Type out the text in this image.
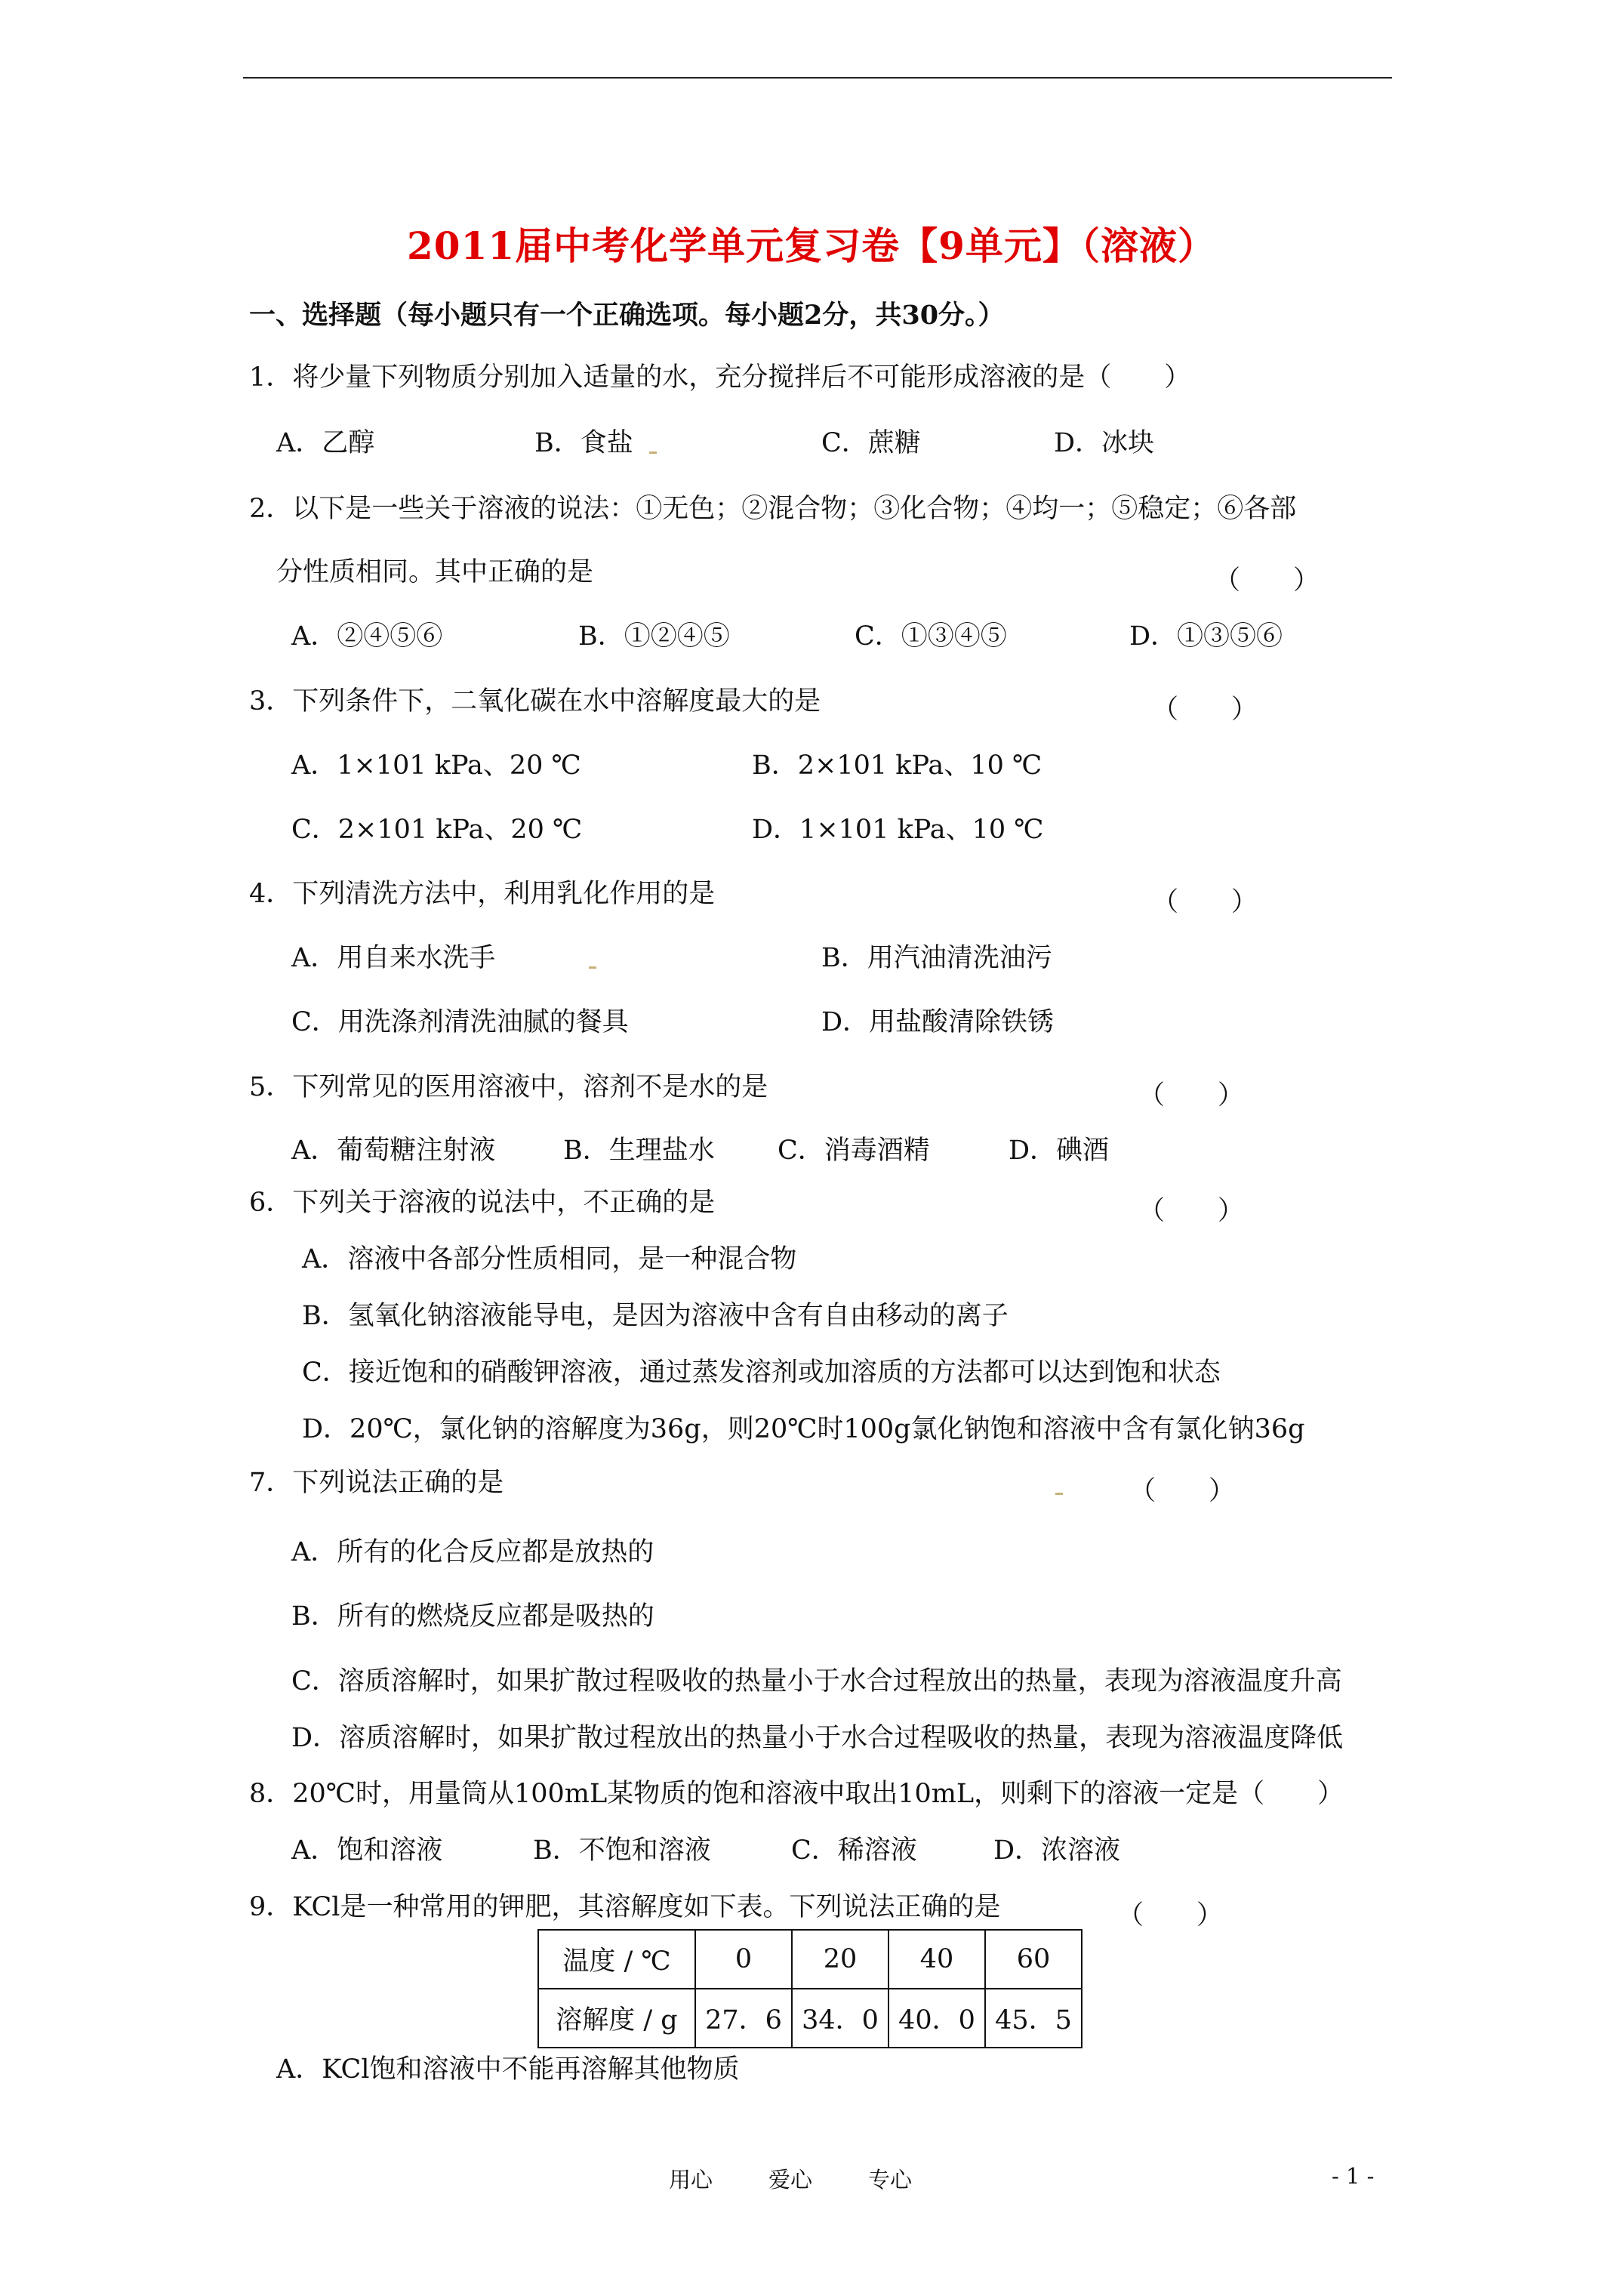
2011届中考化学单元复习卷【9单元】（溶液）
一、选择题（每小题只有一个正确选项。每小题2分，共30分。）
1．将少量下列物质分别加入适量的水，充分搅拌后不可能形成溶液的是（　　）
A．乙醇	B．食盐	C．蔗糖	D．冰块
2．以下是一些关于溶液的说法：①无色；②混合物；③化合物；④均一；⑤稳定；⑥各部
分性质相同。其中正确的是	（　　）
A．②④⑤⑥	B．①②④⑤	C．①③④⑤	D．①③⑤⑥
3．下列条件下，二氧化碳在水中溶解度最大的是	（　　）
A．1×101 kPa、20 ℃	B．2×101 kPa、10 ℃
C．2×101 kPa、20 ℃	D．1×101 kPa、10 ℃
4．下列清洗方法中，利用乳化作用的是	（　　）
A．用自来水洗手	B．用汽油清洗油污
C．用洗涤剂清洗油腻的餐具	D．用盐酸清除铁锈
5．下列常见的医用溶液中，溶剂不是水的是	（　　）
A．葡萄糖注射液	B．生理盐水 C．消毒酒精	D．碘酒
6．下列关于溶液的说法中，不正确的是	（　　）
A．溶液中各部分性质相同，是一种混合物
B．氢氧化钠溶液能导电，是因为溶液中含有自由移动的离子
C．接近饱和的硝酸钾溶液，通过蒸发溶剂或加溶质的方法都可以达到饱和状态
D．20℃，氯化钠的溶解度为36g，则20℃时100g氯化钠饱和溶液中含有氯化钠36g
7．下列说法正确的是	（　　）
A．所有的化合反应都是放热的
B．所有的燃烧反应都是吸热的
C．溶质溶解时，如果扩散过程吸收的热量小于水合过程放出的热量，表现为溶液温度升高
D．溶质溶解时，如果扩散过程放出的热量小于水合过程吸收的热量，表现为溶液温度降低
8．20℃时，用量筒从100mL某物质的饱和溶液中取出10mL，则剩下的溶液一定是（　　）
A．饱和溶液	B．不饱和溶液	C．稀溶液	D．浓溶液
9．KCl是一种常用的钾肥，其溶解度如下表。下列说法正确的是	（　　）
温度 / ℃	0	20	40	60
溶解度 / g	27．6	34．0	40．0	45．5
A．KCl饱和溶液中不能再溶解其他物质
用心	爱心	专心	- 1 -
